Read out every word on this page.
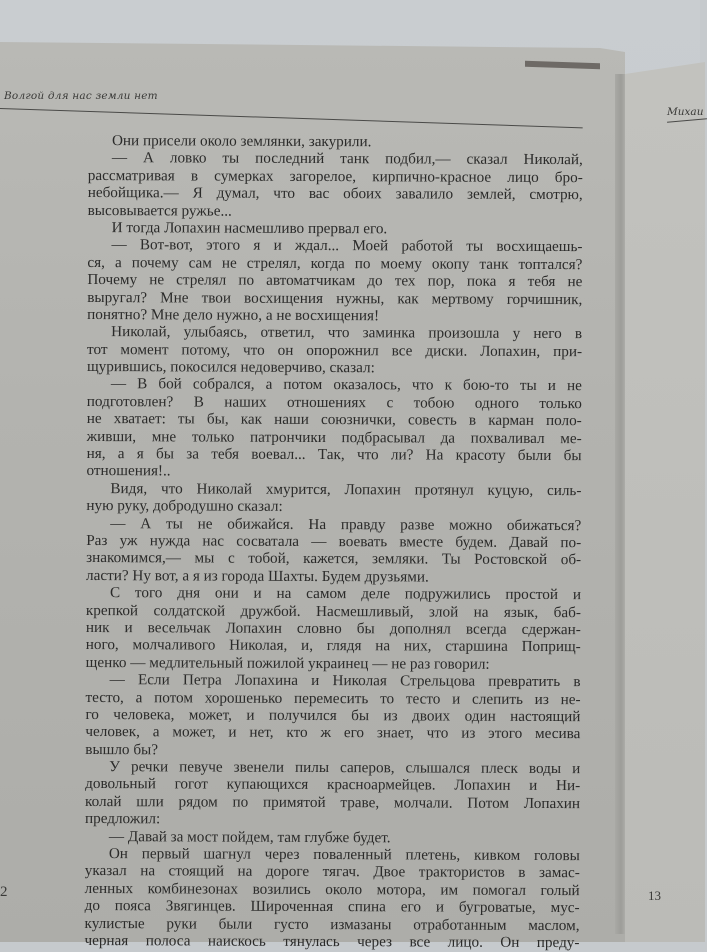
Волгой для нас земли нет
Михаи
Они присели около землянки, закурили.
— А ловко ты последний танк подбил,— сказал Николай,
рассматривая в сумерках загорелое, кирпично-красное лицо бро-
небойщика.— Я думал, что вас обоих завалило землей, смотрю,
высовывается ружье...
И тогда Лопахин насмешливо прервал его.
— Вот-вот, этого я и ждал... Моей работой ты восхищаешь-
ся, а почему сам не стрелял, когда по моему окопу танк топтался?
Почему не стрелял по автоматчикам до тех пор, пока я тебя не
выругал? Мне твои восхищения нужны, как мертвому горчишник,
понятно? Мне дело нужно, а не восхищения!
Николай, улыбаясь, ответил, что заминка произошла у него в
тот момент потому, что он опорожнил все диски. Лопахин, при-
щурившись, покосился недоверчиво, сказал:
— В бой собрался, а потом оказалось, что к бою-то ты и не
подготовлен? В наших отношениях с тобою одного только
не хватает: ты бы, как наши союзнички, совесть в карман поло-
живши, мне только патрончики подбрасывал да похваливал ме-
ня, а я бы за тебя воевал... Так, что ли? На красоту были бы
отношения!..
Видя, что Николай хмурится, Лопахин протянул куцую, силь-
ную руку, добродушно сказал:
— А ты не обижайся. На правду разве можно обижаться?
Раз уж нужда нас сосватала — воевать вместе будем. Давай по-
знакомимся,— мы с тобой, кажется, земляки. Ты Ростовской об-
ласти? Ну вот, а я из города Шахты. Будем друзьями.
С того дня они и на самом деле подружились простой и
крепкой солдатской дружбой. Насмешливый, злой на язык, баб-
ник и весельчак Лопахин словно бы дополнял всегда сдержан-
ного, молчаливого Николая, и, глядя на них, старшина Поприщ-
щенко — медлительный пожилой украинец — не раз говорил:
— Если Петра Лопахина и Николая Стрельцова превратить в
тесто, а потом хорошенько перемесить то тесто и слепить из не-
го человека, может, и получился бы из двоих один настоящий
человек, а может, и нет, кто ж его знает, что из этого месива
вышло бы?
У речки певуче звенели пилы саперов, слышался плеск воды и
довольный гогот купающихся красноармейцев. Лопахин и Ни-
колай шли рядом по примятой траве, молчали. Потом Лопахин
предложил:
— Давай за мост пойдем, там глубже будет.
Он первый шагнул через поваленный плетень, кивком головы
указал на стоящий на дороге тягач. Двое трактористов в замас-
ленных комбинезонах возились около мотора, им помогал голый
до пояса Звягинцев. Широченная спина его и бугроватые, мус-
кулистые руки были густо измазаны отработанным маслом,
черная полоса наискось тянулась через все лицо. Он преду-
2	13
